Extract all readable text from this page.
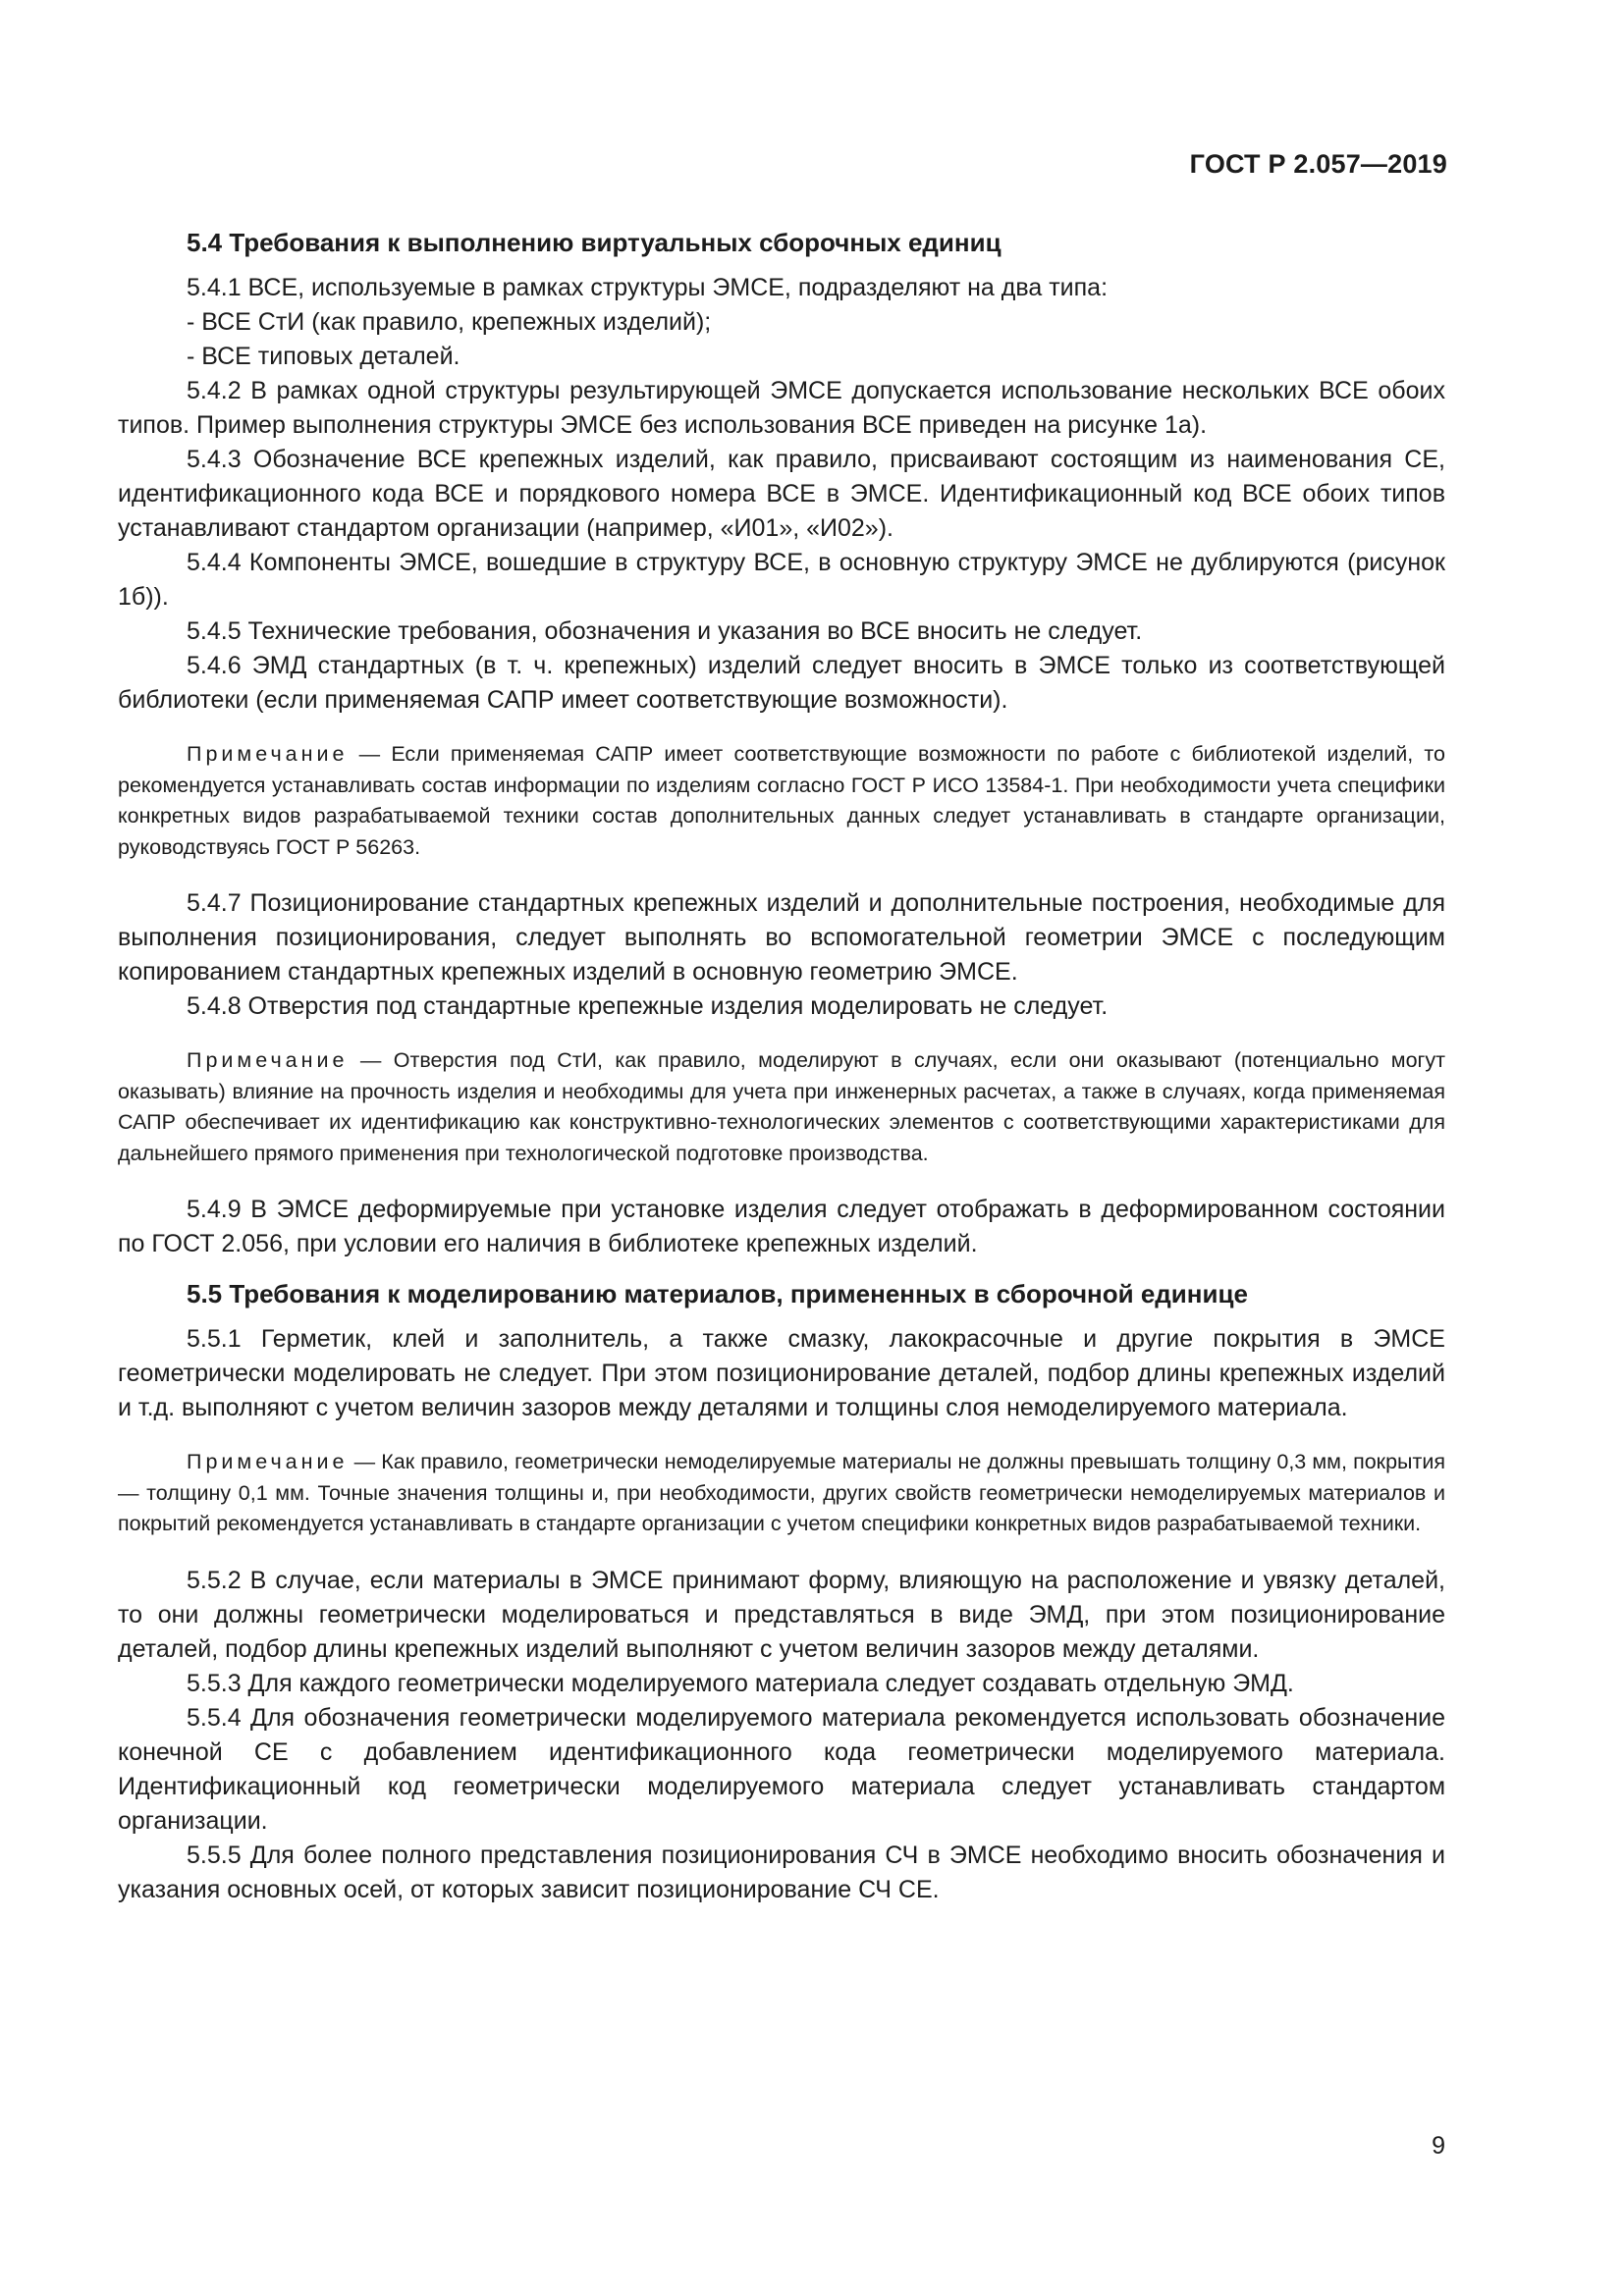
ГОСТ Р 2.057—2019
5.4 Требования к выполнению виртуальных сборочных единиц

5.4.1 ВСЕ, используемые в рамках структуры ЭМСЕ, подразделяют на два типа:

- ВСЕ СтИ (как правило, крепежных изделий);

- ВСЕ типовых деталей.

5.4.2 В рамках одной структуры результирующей ЭМСЕ допускается использование нескольких ВСЕ обоих типов. Пример выполнения структуры ЭМСЕ без использования ВСЕ приведен на рисунке 1а).

5.4.3 Обозначение ВСЕ крепежных изделий, как правило, присваивают состоящим из наименования СЕ, идентификационного кода ВСЕ и порядкового номера ВСЕ в ЭМСЕ. Идентификационный код ВСЕ обоих типов устанавливают стандартом организации (например, «И01», «И02»).

5.4.4 Компоненты ЭМСЕ, вошедшие в структуру ВСЕ, в основную структуру ЭМСЕ не дублируются (рисунок 1б)).

5.4.5 Технические требования, обозначения и указания во ВСЕ вносить не следует.

5.4.6 ЭМД стандартных (в т. ч. крепежных) изделий следует вносить в ЭМСЕ только из соответствующей библиотеки (если применяемая САПР имеет соответствующие возможности).

Примечание — Если применяемая САПР имеет соответствующие возможности по работе с библиотекой изделий, то рекомендуется устанавливать состав информации по изделиям согласно ГОСТ Р ИСО 13584-1. При необходимости учета специфики конкретных видов разрабатываемой техники состав дополнительных данных следует устанавливать в стандарте организации, руководствуясь ГОСТ Р 56263.

5.4.7 Позиционирование стандартных крепежных изделий и дополнительные построения, необходимые для выполнения позиционирования, следует выполнять во вспомогательной геометрии ЭМСЕ с последующим копированием стандартных крепежных изделий в основную геометрию ЭМСЕ.

5.4.8 Отверстия под стандартные крепежные изделия моделировать не следует.

Примечание — Отверстия под СтИ, как правило, моделируют в случаях, если они оказывают (потенциально могут оказывать) влияние на прочность изделия и необходимы для учета при инженерных расчетах, а также в случаях, когда применяемая САПР обеспечивает их идентификацию как конструктивно-технологических элементов с соответствующими характеристиками для дальнейшего прямого применения при технологической подготовке производства.

5.4.9 В ЭМСЕ деформируемые при установке изделия следует отображать в деформированном состоянии по ГОСТ 2.056, при условии его наличия в библиотеке крепежных изделий.

5.5 Требования к моделированию материалов, примененных в сборочной единице

5.5.1 Герметик, клей и заполнитель, а также смазку, лакокрасочные и другие покрытия в ЭМСЕ геометрически моделировать не следует. При этом позиционирование деталей, подбор длины крепежных изделий и т.д. выполняют с учетом величин зазоров между деталями и толщины слоя немоделируемого материала.

Примечание — Как правило, геометрически немоделируемые материалы не должны превышать толщину 0,3 мм, покрытия — толщину 0,1 мм. Точные значения толщины и, при необходимости, других свойств геометрически немоделируемых материалов и покрытий рекомендуется устанавливать в стандарте организации с учетом специфики конкретных видов разрабатываемой техники.

5.5.2 В случае, если материалы в ЭМСЕ принимают форму, влияющую на расположение и увязку деталей, то они должны геометрически моделироваться и представляться в виде ЭМД, при этом позиционирование деталей, подбор длины крепежных изделий выполняют с учетом величин зазоров между деталями.

5.5.3 Для каждого геометрически моделируемого материала следует создавать отдельную ЭМД.

5.5.4 Для обозначения геометрически моделируемого материала рекомендуется использовать обозначение конечной СЕ с добавлением идентификационного кода геометрически моделируемого материала. Идентификационный код геометрически моделируемого материала следует устанавливать стандартом организации.

5.5.5 Для более полного представления позиционирования СЧ в ЭМСЕ необходимо вносить обозначения и указания основных осей, от которых зависит позиционирование СЧ СЕ.

9
